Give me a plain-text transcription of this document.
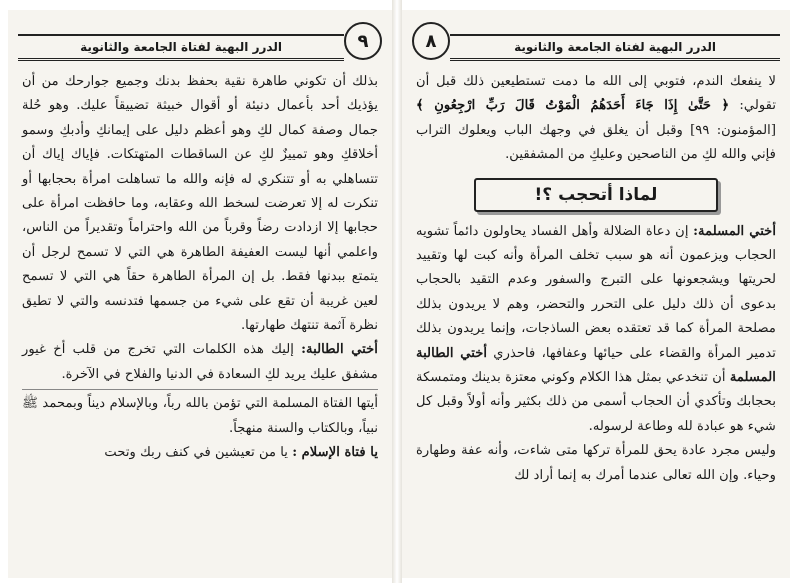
الدرر البهية لفتاة الجامعة والثانوية	٩

بذلك أن تكوني طاهرة نقية بحفظ بدنك وجميع جوارحك من أن يؤذيك أحد بأعمال دنيئة أو أقوال خبيثة تضييقاً عليك. وهو حُلة جمال وصفة كمال لكِ وهو أعظم دليل على إيمانكِ وأدبكِ وسمو أخلاقكِ وهو تمييزٌ لكِ عن الساقطات المتهتكات. فإياك إياك أن تتساهلي به أو تتنكري له فإنه والله ما تساهلت امرأة بحجابها أو تنكرت له إلا تعرضت لسخط الله وعقابه، وما حافظت امرأة على حجابها إلا ازدادت رضاً وقرباً من الله واحتراماً وتقديراً من الناس، واعلمي أنها ليست العفيفة الطاهرة هي التي لا تسمح لرجل أن يتمتع ببدنها فقط. بل إن المرأة الطاهرة حقاً هي التي لا تسمح لعين غريبة أن تقع على شيء من جسمها فتدنسه والتي لا تطيق نظرة آثمة تنتهك طهارتها.

أختي الطالبة: إليك هذه الكلمات التي تخرج من قلب أخ غيور مشفق عليك يريد لكِ السعادة في الدنيا والفلاح في الآخرة.

أيتها الفتاة المسلمة التي تؤمن بالله رباً، وبالإسلام ديناً وبمحمد ﷺ نبياً، وبالكتاب والسنة منهجاً.

يا فتاة الإسلام : يا من تعيشين في كنف ربك وتحت

الدرر البهية لفتاة الجامعة والثانوية
٨

لا ينفعك الندم، فتوبي إلى الله ما دمت تستطيعين ذلك قبل أن تقولي: ﴿ حَتَّىٰ إِذَا جَاءَ أَحَدَهُمُ الْمَوْتُ قَالَ رَبِّ ارْجِعُونِ ﴾ [المؤمنون: ٩٩] وقبل أن يغلق في وجهك الباب ويعلوك التراب فإني والله لكِ من الناصحين وعليكِ من المشفقين.

لماذا أتحجب ؟!

أختي المسلمة: إن دعاة الضلالة وأهل الفساد يحاولون دائماً تشويه الحجاب ويزعمون أنه هو سبب تخلف المرأة وأنه كبت لها وتقييد لحريتها ويشجعونها على التبرج والسفور وعدم التقيد بالحجاب بدعوى أن ذلك دليل على التحرر والتحضر، وهم لا يريدون بذلك مصلحة المرأة كما قد تعتقده بعض الساذجات، وإنما يريدون بذلك تدمير المرأة والقضاء على حيائها وعفافها، فاحذري أختي الطالبة المسلمة أن تنخدعي بمثل هذا الكلام وكوني معتزة بدينك ومتمسكة بحجابك وتأكدي أن الحجاب أسمى من ذلك بكثير وأنه أولاً وقبل كل شيء هو عبادة لله وطاعة لرسوله.

وليس مجرد عادة يحق للمرأة تركها متى شاءت، وأنه عفة وطهارة وحياء. وإن الله تعالى عندما أمرك به إنما أراد لك
